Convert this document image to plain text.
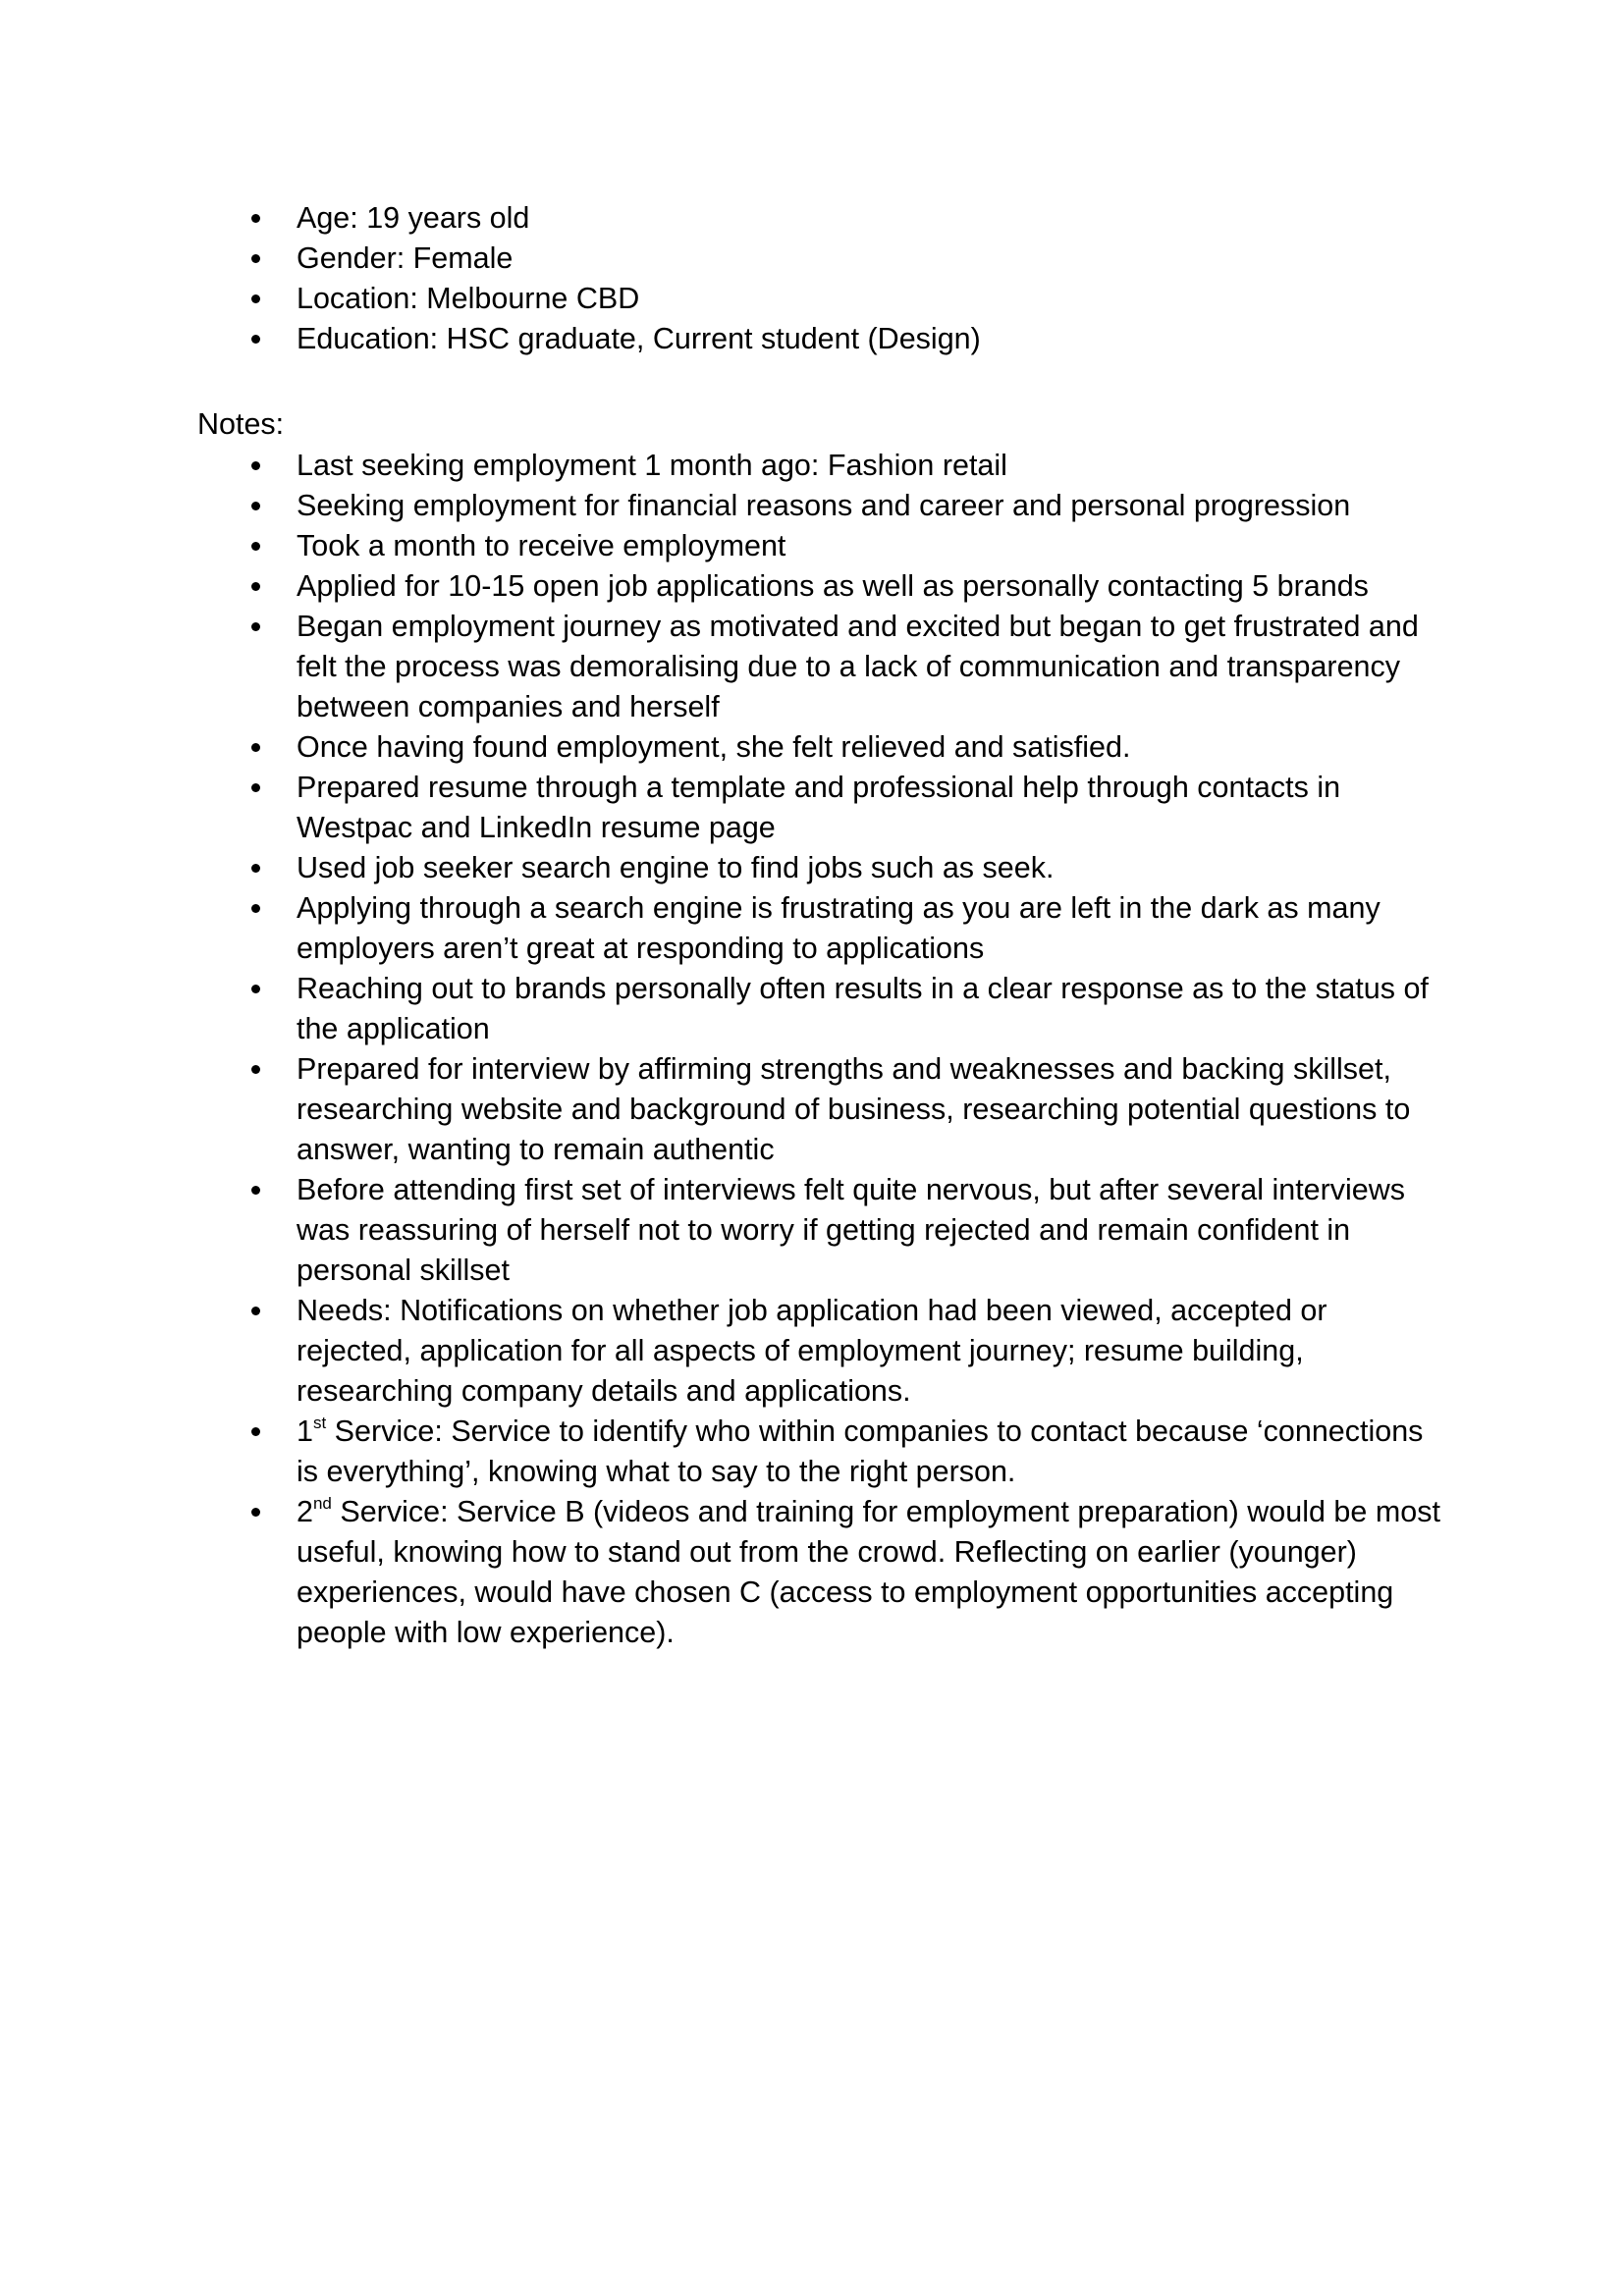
Age: 19 years old
Gender: Female
Location: Melbourne CBD
Education: HSC graduate, Current student (Design)

Notes:

Last seeking employment 1 month ago: Fashion retail
Seeking employment for financial reasons and career and personal progression
Took a month to receive employment
Applied for 10-15 open job applications as well as personally contacting 5 brands
Began employment journey as motivated and excited but began to get frustrated and felt the process was demoralising due to a lack of communication and transparency between companies and herself
Once having found employment, she felt relieved and satisfied.
Prepared resume through a template and professional help through contacts in Westpac and LinkedIn resume page
Used job seeker search engine to find jobs such as seek.
Applying through a search engine is frustrating as you are left in the dark as many employers aren’t great at responding to applications
Reaching out to brands personally often results in a clear response as to the status of the application
Prepared for interview by affirming strengths and weaknesses and backing skillset, researching website and background of business, researching potential questions to answer, wanting to remain authentic
Before attending first set of interviews felt quite nervous, but after several interviews was reassuring of herself not to worry if getting rejected and remain confident in personal skillset
Needs: Notifications on whether job application had been viewed, accepted or rejected, application for all aspects of employment journey; resume building, researching company details and applications.
1st Service: Service to identify who within companies to contact because ‘connections is everything’, knowing what to say to the right person.
2nd Service: Service B (videos and training for employment preparation) would be most useful, knowing how to stand out from the crowd. Reflecting on earlier (younger) experiences, would have chosen C (access to employment opportunities accepting people with low experience).
